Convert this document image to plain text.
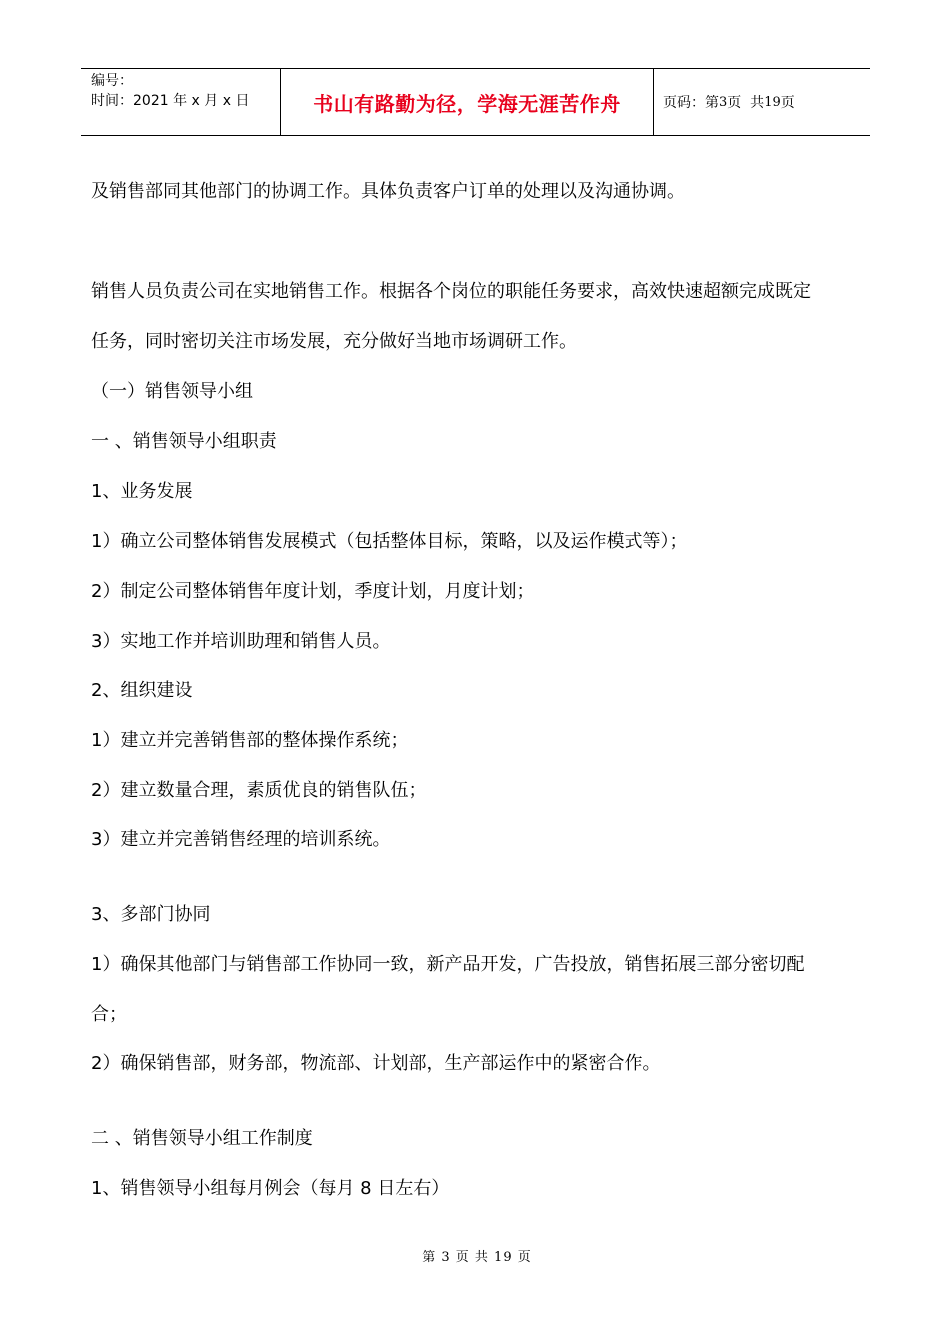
编号：
时间：2021 年 x 月 x 日	书山有路勤为径，学海无涯苦作舟	页码：第 3 页  共 19 页
及销售部同其他部门的协调工作。具体负责客户订单的处理以及沟通协调。
销售人员负责公司在实地销售工作。根据各个岗位的职能任务要求，高效快速超额完成既定
任务，同时密切关注市场发展，充分做好当地市场调研工作。
（一）销售领导小组
一 、销售领导小组职责
1、业务发展
1）确立公司整体销售发展模式（包括整体目标，策略，以及运作模式等）；
2）制定公司整体销售年度计划，季度计划，月度计划；
3）实地工作并培训助理和销售人员。
2、组织建设
1）建立并完善销售部的整体操作系统；
2）建立数量合理，素质优良的销售队伍；
3）建立并完善销售经理的培训系统。
3、多部门协同
1）确保其他部门与销售部工作协同一致，新产品开发，广告投放，销售拓展三部分密切配
合；
2）确保销售部，财务部，物流部、计划部，生产部运作中的紧密合作。
二 、销售领导小组工作制度
1、销售领导小组每月例会（每月 8 日左右）
第 3 页 共 19 页
